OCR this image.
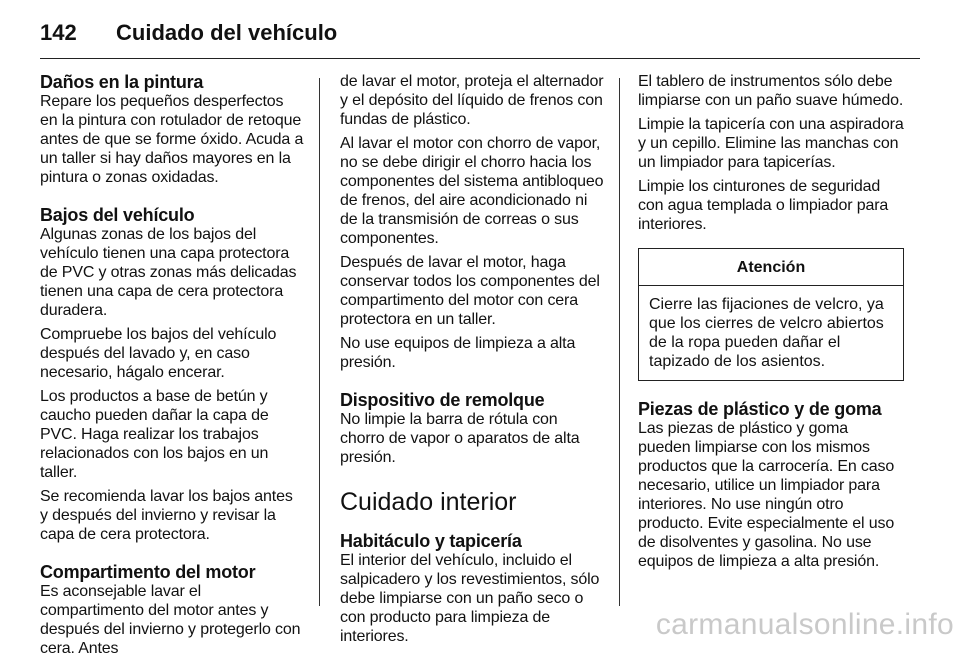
142 Cuidado del vehículo
Daños en la pintura

Repare los pequeños desperfectos en la pintura con rotulador de retoque antes de que se forme óxido. Acuda a un taller si hay daños mayores en la pintura o zonas oxidadas.

Bajos del vehículo

Algunas zonas de los bajos del vehículo tienen una capa protectora de PVC y otras zonas más delicadas tienen una capa de cera protectora duradera.

Compruebe los bajos del vehículo después del lavado y, en caso necesario, hágalo encerar.

Los productos a base de betún y caucho pueden dañar la capa de PVC. Haga realizar los trabajos relacionados con los bajos en un taller.

Se recomienda lavar los bajos antes y después del invierno y revisar la capa de cera protectora.

Compartimento del motor

Es aconsejable lavar el compartimento del motor antes y después del invierno y protegerlo con cera. Antes

de lavar el motor, proteja el alternador y el depósito del líquido de frenos con fundas de plástico.

Al lavar el motor con chorro de vapor, no se debe dirigir el chorro hacia los componentes del sistema antibloqueo de frenos, del aire acondicionado ni de la transmisión de correas o sus componentes.

Después de lavar el motor, haga conservar todos los componentes del compartimento del motor con cera protectora en un taller.

No use equipos de limpieza a alta presión.

Dispositivo de remolque

No limpie la barra de rótula con chorro de vapor o aparatos de alta presión.

Cuidado interior
Habitáculo y tapicería

El interior del vehículo, incluido el salpicadero y los revestimientos, sólo debe limpiarse con un paño seco o con producto para limpieza de interiores.

El tablero de instrumentos sólo debe limpiarse con un paño suave húmedo.

Limpie la tapicería con una aspiradora y un cepillo. Elimine las manchas con un limpiador para tapicerías.

Limpie los cinturones de seguridad con agua templada o limpiador para interiores.

Atención
Cierre las fijaciones de velcro, ya que los cierres de velcro abiertos de la ropa pueden dañar el tapizado de los asientos.
Piezas de plástico y de goma

Las piezas de plástico y goma pueden limpiarse con los mismos productos que la carrocería. En caso necesario, utilice un limpiador para interiores. No use ningún otro producto. Evite especialmente el uso de disolventes y gasolina. No use equipos de limpieza a alta presión.

carmanualsonline.info
